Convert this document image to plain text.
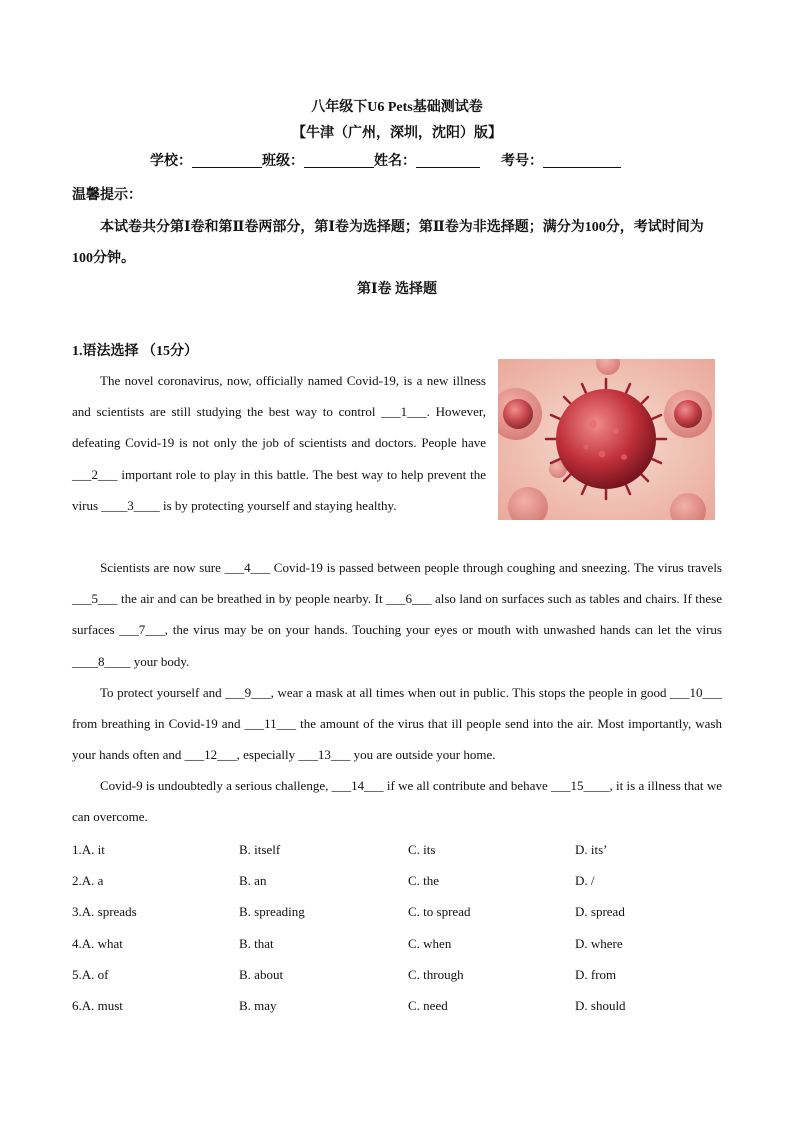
八年级下U6 Pets基础测试卷
【牛津（广州，深圳，沈阳）版】
学校：	班级：	姓名：	考号：
温馨提示：
本试卷共分第Ⅰ卷和第Ⅱ卷两部分，第Ⅰ卷为选择题；第Ⅱ卷为非选择题；满分为100分，考试时间为100分钟。
第Ⅰ卷 选择题
1.语法选择 （15分）
The novel coronavirus, now, officially named Covid-19, is a new illness and scientists are still studying the best way to control ___1___. However, defeating Covid-19 is not only the job of scientists and doctors. People have ___2___ important role to play in this battle. The best way to help prevent the virus ____3____ is by protecting yourself and staying healthy.
Scientists are now sure ___4___ Covid-19 is passed between people through coughing and sneezing. The virus travels ___5___ the air and can be breathed in by people nearby. It ___6___ also land on surfaces such as tables and chairs. If these surfaces ___7___, the virus may be on your hands. Touching your eyes or mouth with unwashed hands can let the virus ____8____ your body.
To protect yourself and ___9___, wear a mask at all times when out in public. This stops the people in good ___10___ from breathing in Covid-19 and ___11___ the amount of the virus that ill people send into the air. Most importantly, wash your hands often and ___12___, especially ___13___ you are outside your home.
Covid-9 is undoubtedly a serious challenge, ___14___ if we all contribute and behave ___15____, it is a illness that we can overcome.
1.A. it	B. itself	C. its	D. its’
2.A. a	B. an	C. the	D. /
3.A. spreads	B. spreading	C. to spread	D. spread
4.A. what	B. that	C. when	D. where
5.A. of	B. about	C. through	D. from
6.A. must	B. may	C. need	D. should
